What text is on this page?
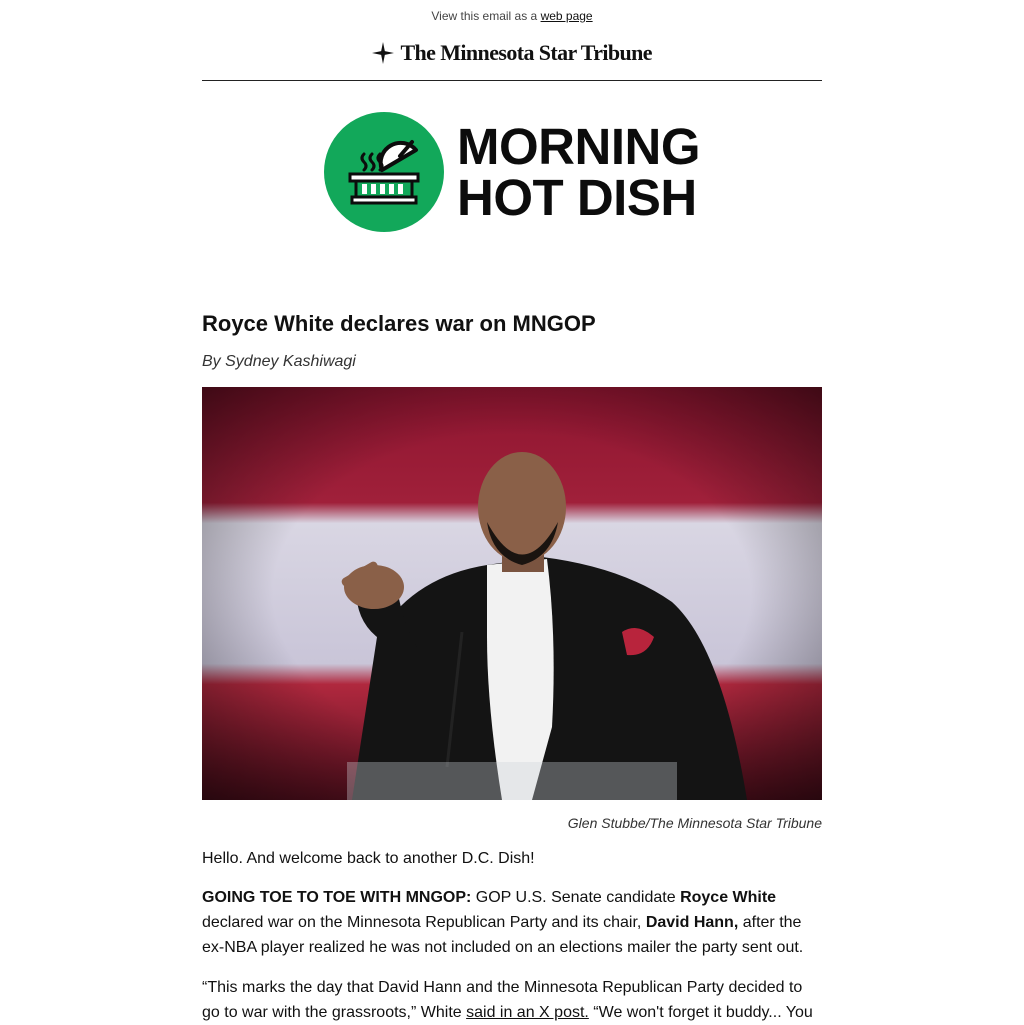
View this email as a web page
The Minnesota Star Tribune
MORNING
HOT DISH
Royce White declares war on MNGOP
By Sydney Kashiwagi
Glen Stubbe/The Minnesota Star Tribune
Hello. And welcome back to another D.C. Dish!
GOING TOE TO TOE WITH MNGOP: GOP U.S. Senate candidate Royce White declared war on the Minnesota Republican Party and its chair, David Hann, after the ex-NBA player realized he was not included on an elections mailer the party sent out.
“This marks the day that David Hann and the Minnesota Republican Party decided to go to war with the grassroots,” White said in an X post. “We won't forget it buddy... You
